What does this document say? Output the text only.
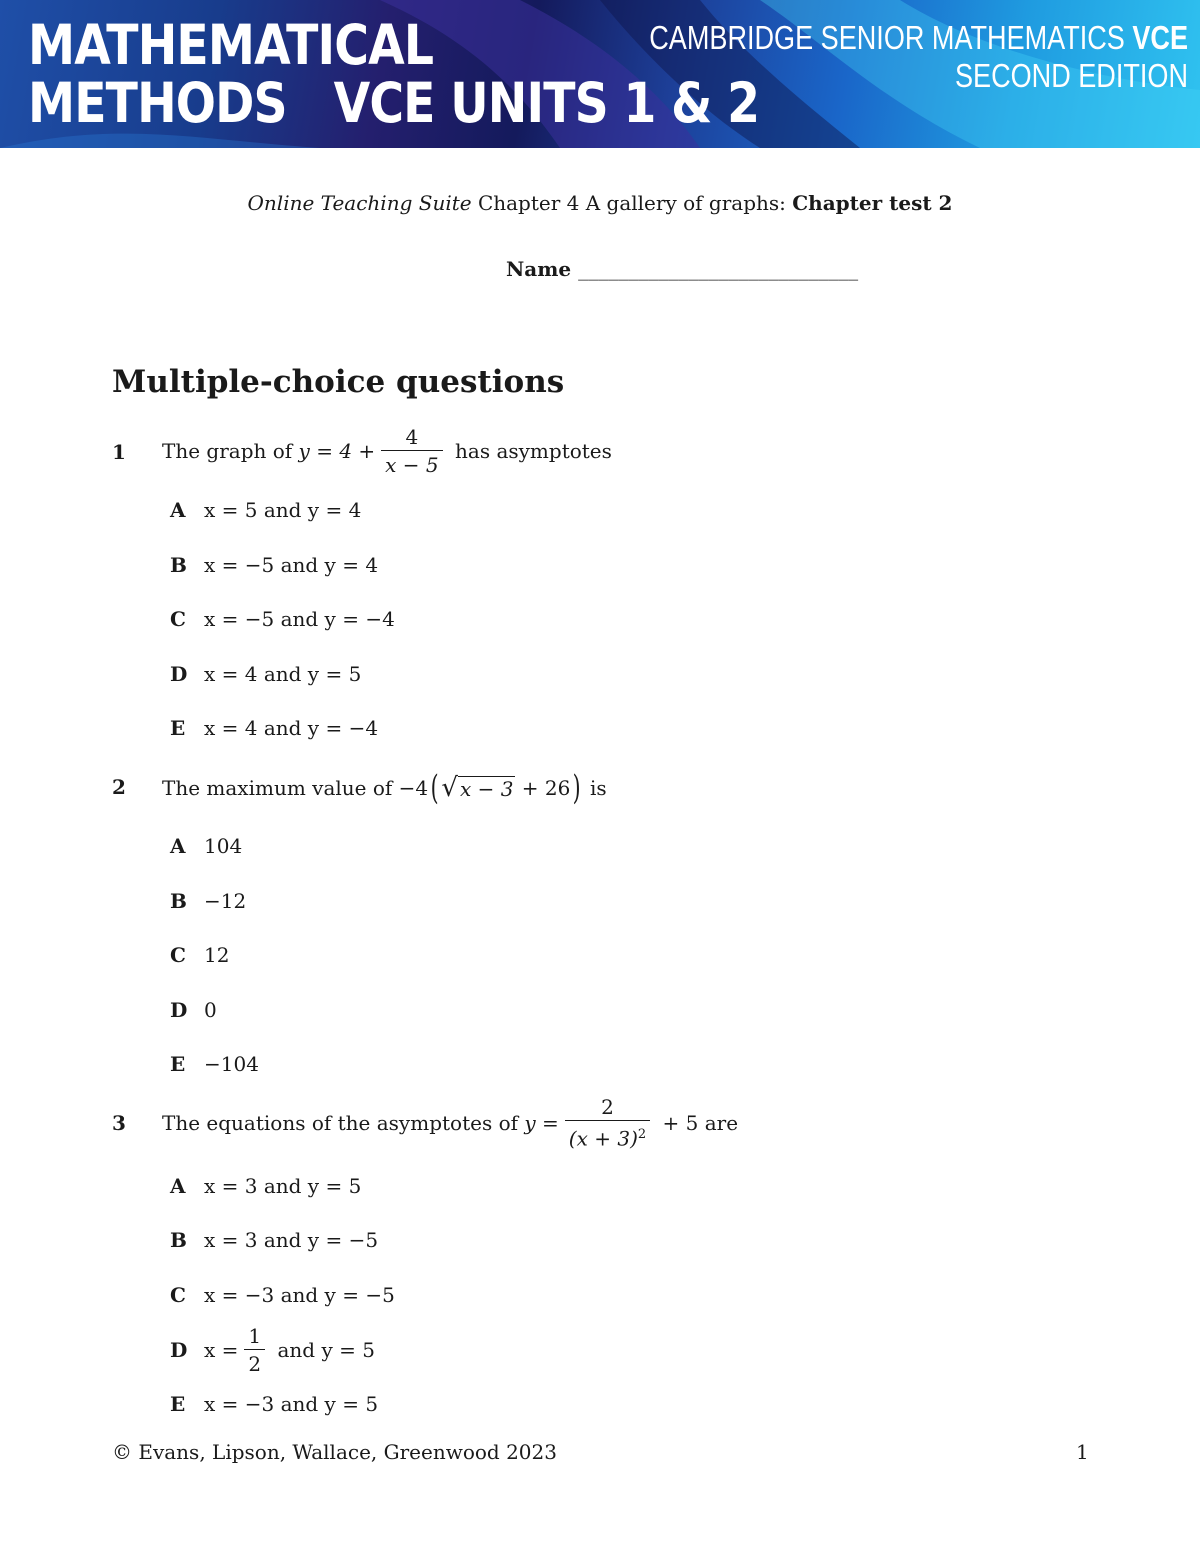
MATHEMATICAL
METHODS   VCE UNITS 1 & 2
CAMBRIDGE SENIOR MATHEMATICS VCE
SECOND EDITION
Online Teaching Suite Chapter 4 A gallery of graphs: Chapter test 2
Name ____________________________
Multiple-choice questions
1 The graph of $y = 4 + \frac{4}{x - 5}$ has asymptotes
A x = 5 and y = 4
B x = −5 and y = 4
C x = −5 and y = −4
D x = 4 and y = 5
E x = 4 and y = −4
2 The maximum value of −4 ( √ x − 3 + 26 ) is
A 104
B −12
C 12
D 0
E −104
3 The equations of the asymptotes of $y = \frac{2}{(x + 3)^2} + 5$ are
A x = 3 and y = 5
B x = 3 and y = −5
C x = −3 and y = −5
D $x = \frac{1}{2}$ and y = 5
E x = −3 and y = 5
© Evans, Lipson, Wallace, Greenwood 2023	1
